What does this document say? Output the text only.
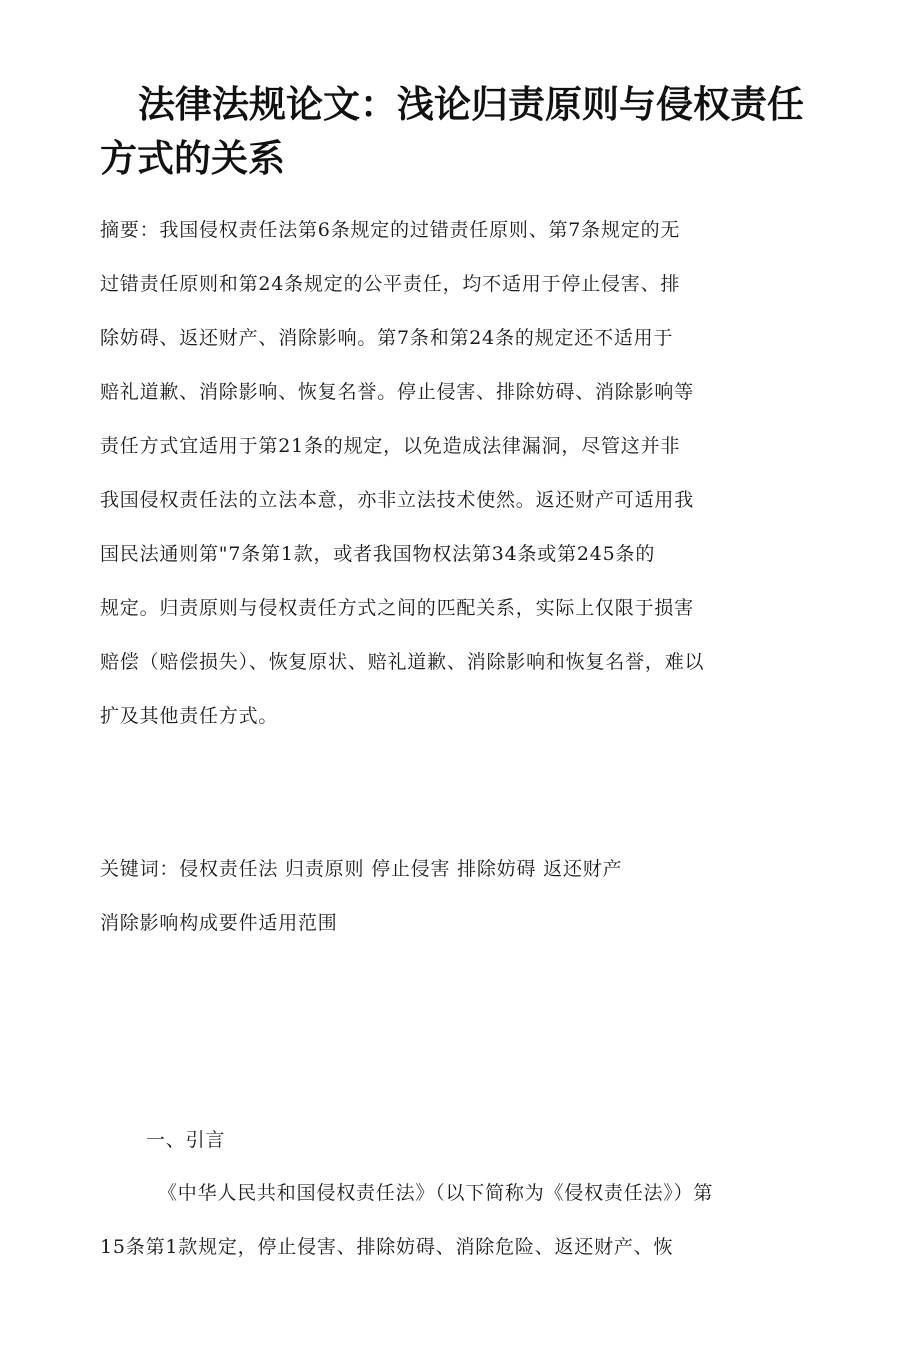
法律法规论文：浅论归责原则与侵权责任方式的关系

摘要：我国侵权责任法第6条规定的过错责任原则、第7条规定的无

过错责任原则和第24条规定的公平责任，均不适用于停止侵害、排

除妨碍、返还财产、消除影响。第7条和第24条的规定还不适用于

赔礼道歉、消除影响、恢复名誉。停止侵害、排除妨碍、消除影响等

责任方式宜适用于第21条的规定，以免造成法律漏洞，尽管这并非

我国侵权责任法的立法本意，亦非立法技术使然。返还财产可适用我

国民法通则第"7条第1款，或者我国物权法第34条或第245条的

规定。归责原则与侵权责任方式之间的匹配关系，实际上仅限于损害

赔偿（赔偿损失）、恢复原状、赔礼道歉、消除影响和恢复名誉，难以

扩及其他责任方式。

关键词：侵权责任法 归责原则 停止侵害 排除妨碍 返还财产

消除影响构成要件适用范围

一、引言

《中华人民共和国侵权责任法》（以下简称为《侵权责任法》）第

15条第1款规定，停止侵害、排除妨碍、消除危险、返还财产、恢
